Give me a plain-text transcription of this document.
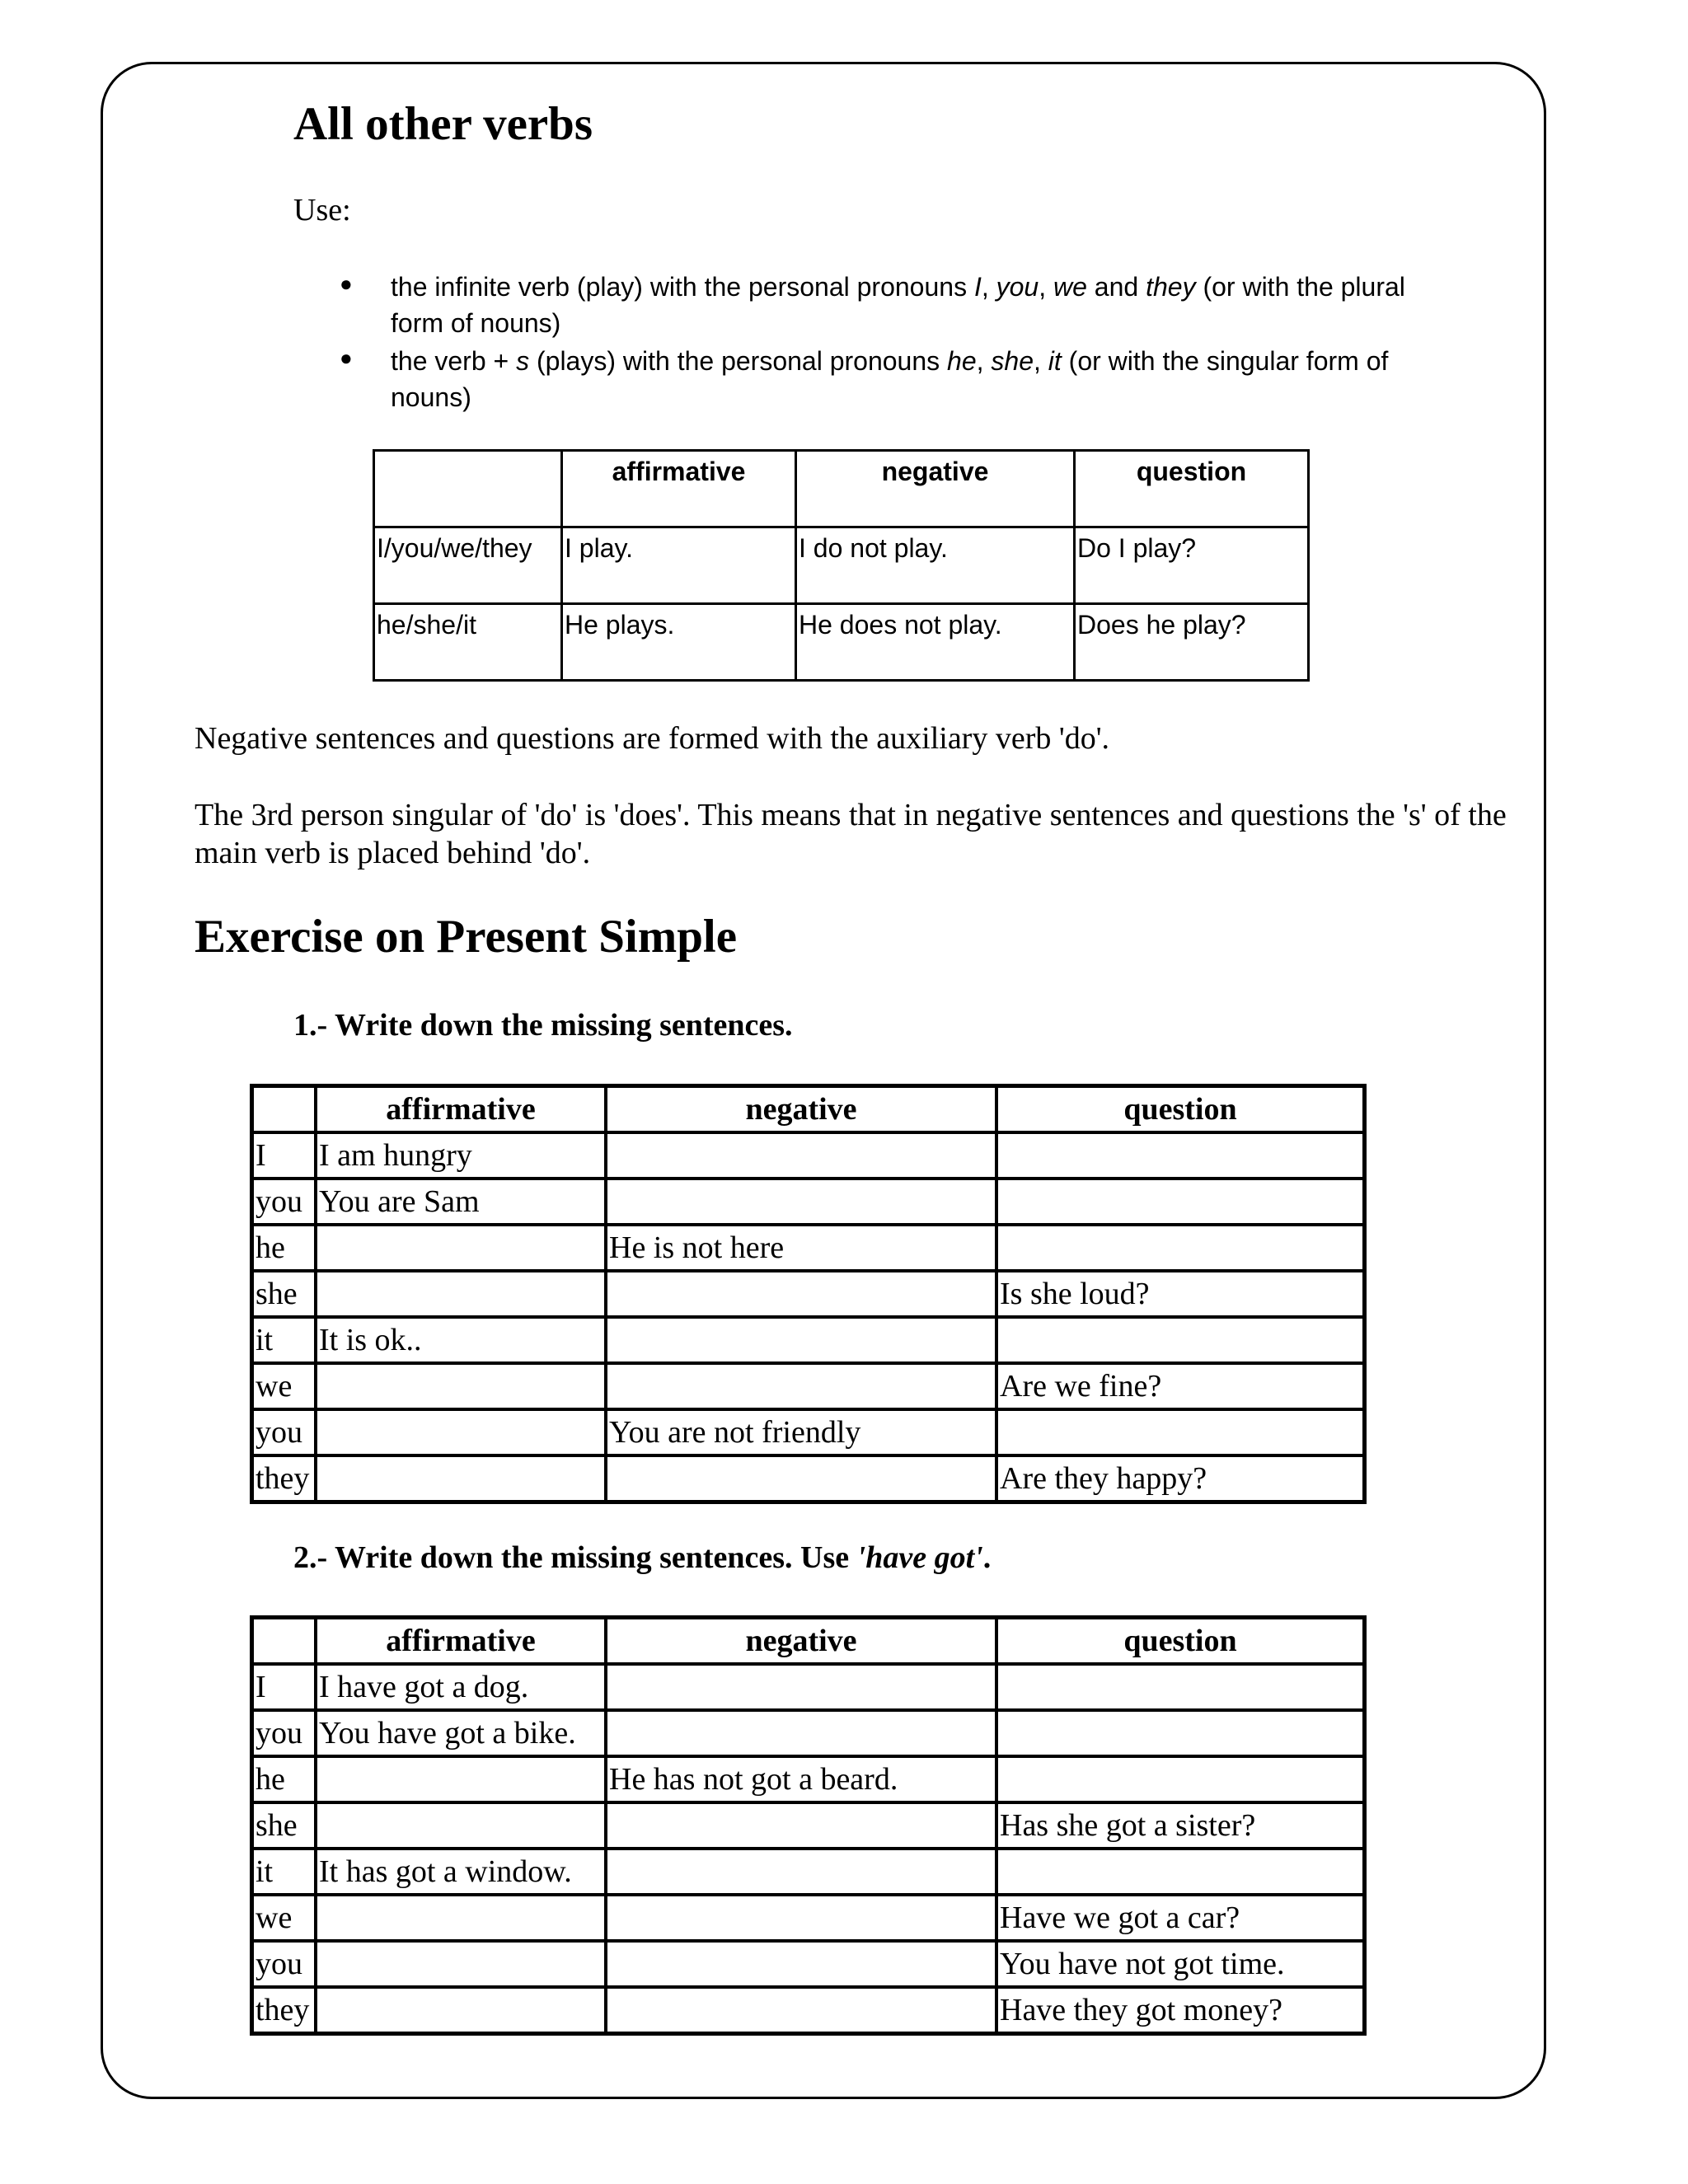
All other verbs
Use:
● the infinite verb (play) with the personal pronouns I, you, we and they (or with the plural
form of nouns)
● the verb + s (plays) with the personal pronouns he, she, it (or with the singular form of
nouns)
	affirmative	negative	question
I/you/we/they	I play.	I do not play.	Do I play?
he/she/it	He plays.	He does not play.	Does he play?
Negative sentences and questions are formed with the auxiliary verb 'do'.
The 3rd person singular of 'do' is 'does'. This means that in negative sentences and questions the 's' of the
main verb is placed behind 'do'.
Exercise on Present Simple
1.- Write down the missing sentences.
	affirmative	negative	question
I	I am hungry		
you	You are Sam		
he		He is not here	
she			Is she loud?
it	It is ok..		
we			Are we fine?
you		You are not friendly	
they			Are they happy?
2.- Write down the missing sentences. Use 'have got'.
	affirmative	negative	question
I	I have got a dog.		
you	You have got a bike.		
he		He has not got a beard.	
she			Has she got a sister?
it	It has got a window.		
we			Have we got a car?
you			You have not got time.
they			Have they got money?
